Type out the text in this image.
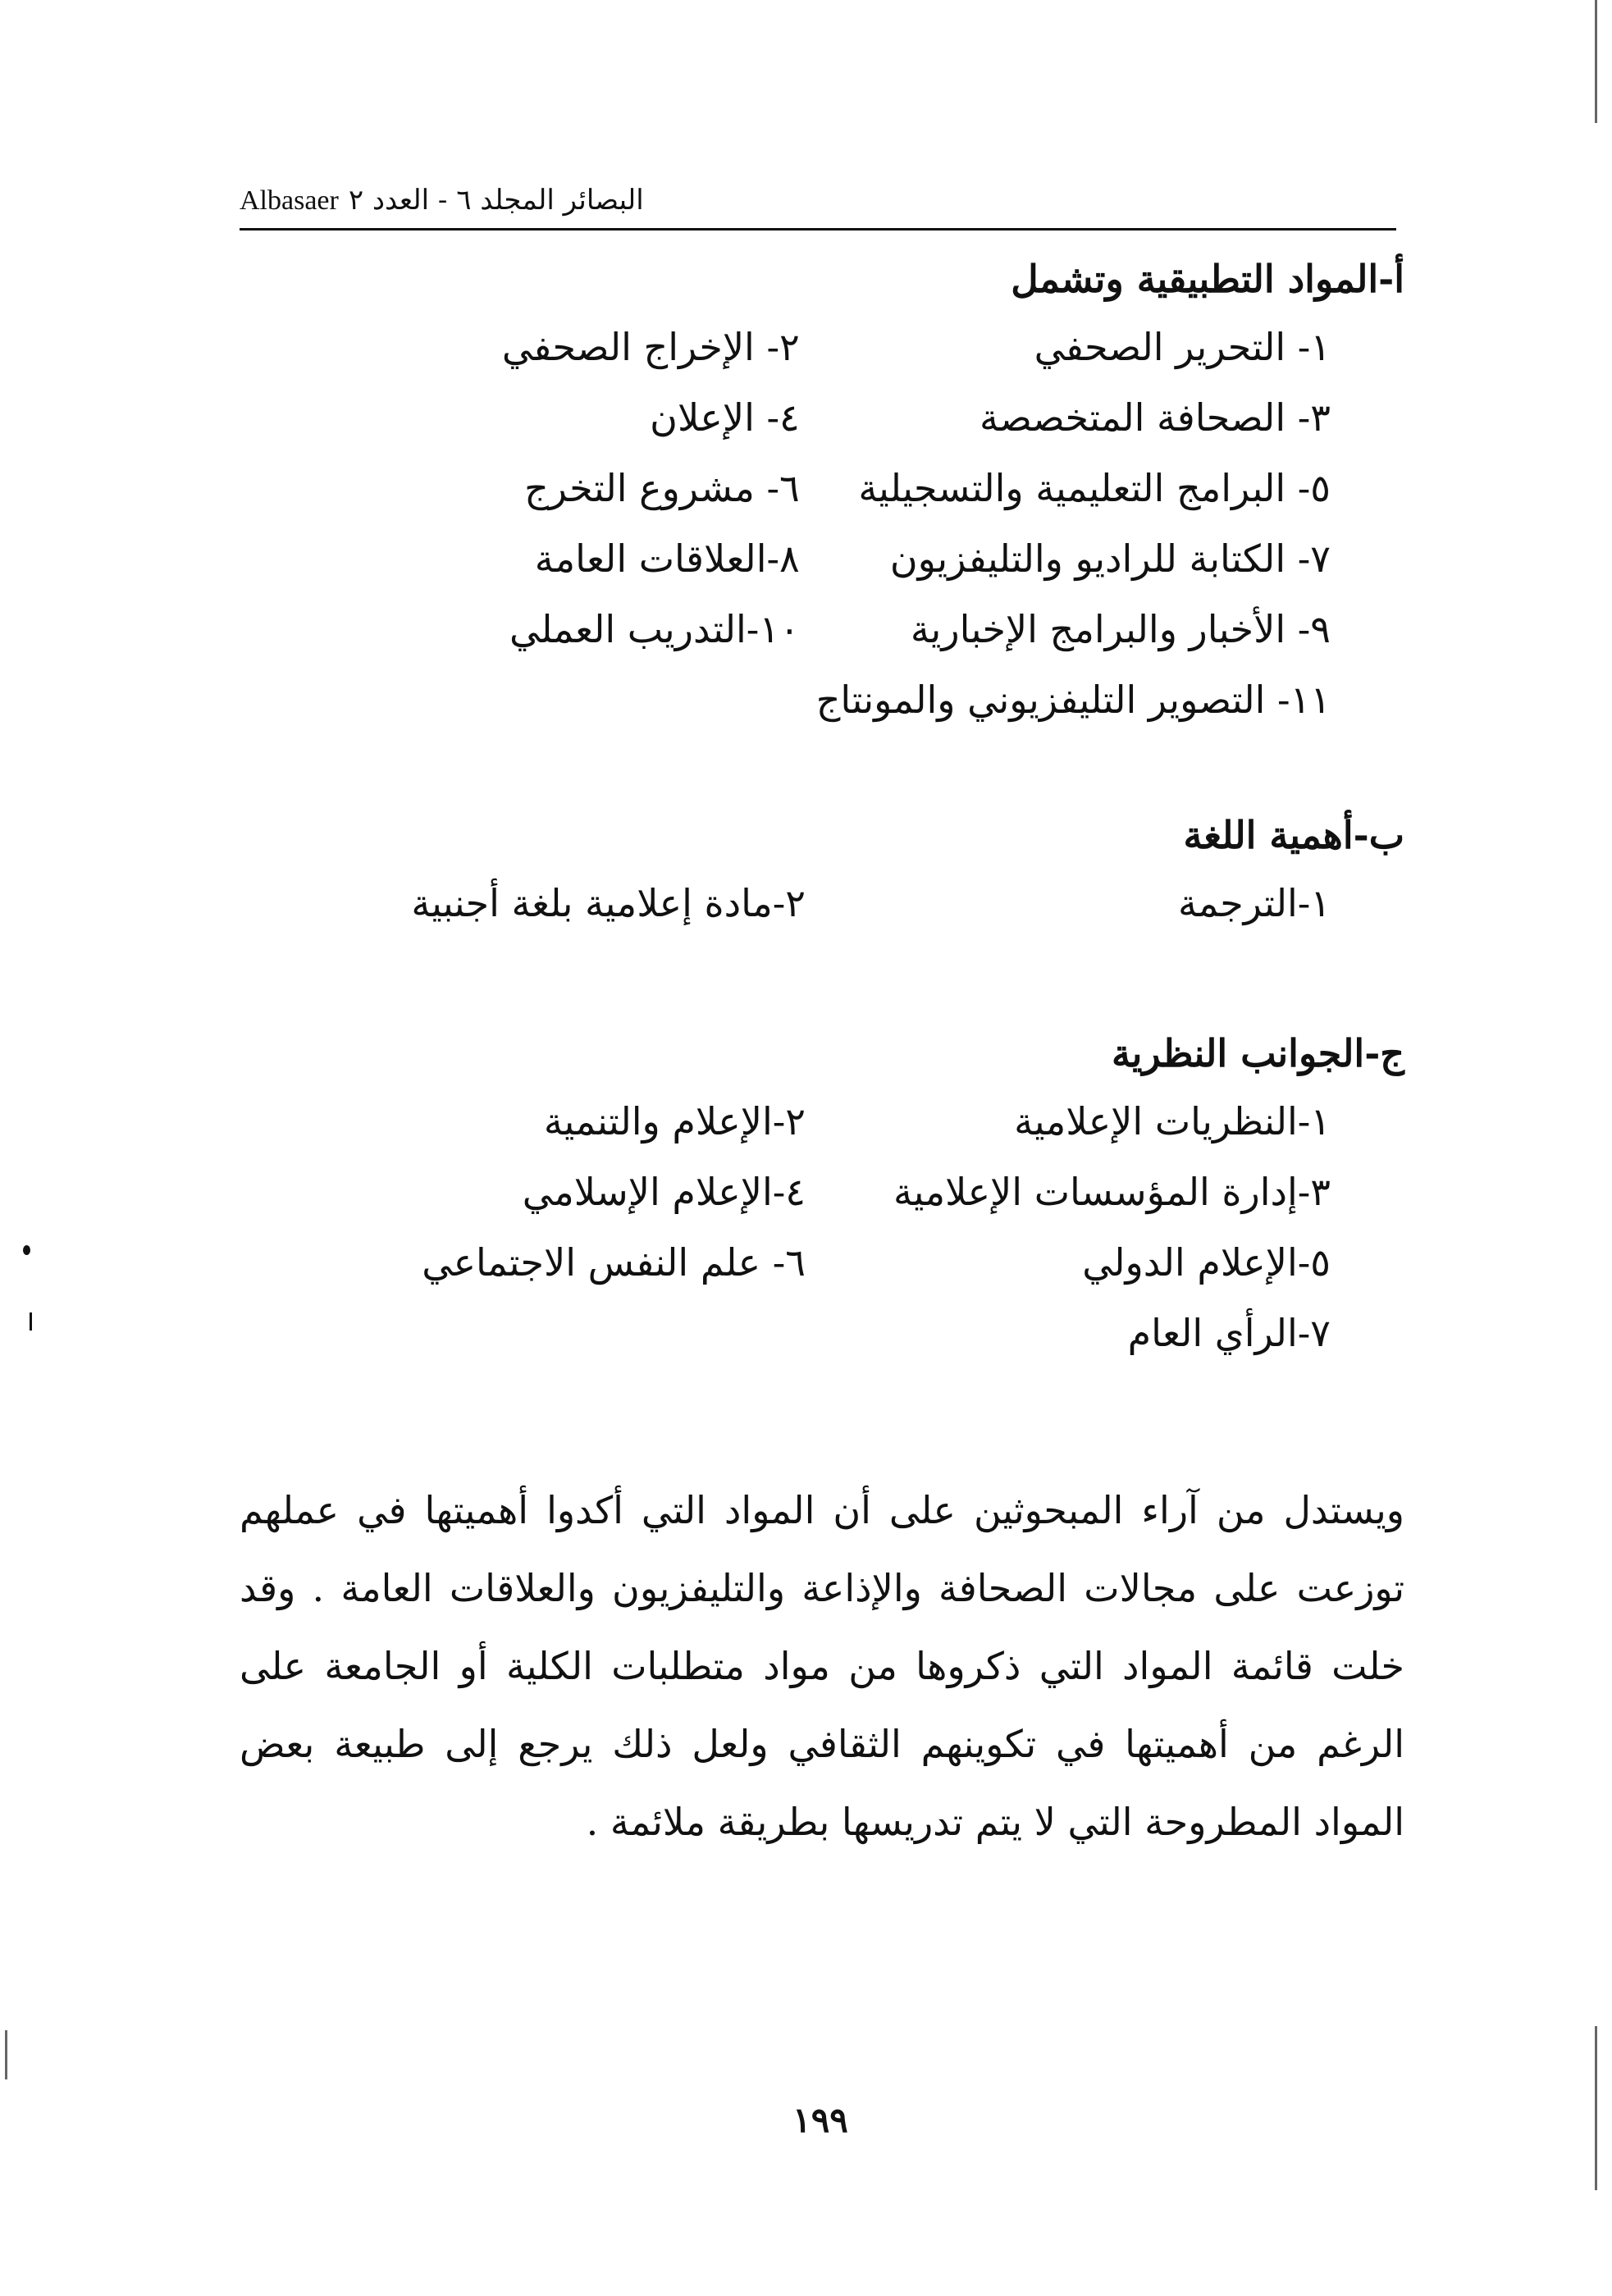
Albasaer البصائر المجلد ٦ - العدد ٢
أ-المواد التطبيقية وتشمل
١- التحرير الصحفي
٢- الإخراج الصحفي
٣- الصحافة المتخصصة
٤- الإعلان
٥- البرامج التعليمية والتسجيلية
٦- مشروع التخرج
٧- الكتابة للراديو والتليفزيون
٨-العلاقات العامة
٩- الأخبار والبرامج الإخبارية
١٠-التدريب العملي
١١- التصوير التليفزيوني والمونتاج
ب-أهمية اللغة
١-الترجمة
٢-مادة إعلامية بلغة أجنبية
ج-الجوانب النظرية
١-النظريات الإعلامية
٢-الإعلام والتنمية
٣-إدارة المؤسسات الإعلامية
٤-الإعلام الإسلامي
٥-الإعلام الدولي
٦- علم النفس الاجتماعي
٧-الرأي العام

ويستدل من آراء المبحوثين على أن المواد التي أكدوا أهميتها في عملهم توزعت على مجالات الصحافة والإذاعة والتليفزيون والعلاقات العامة . وقد خلت قائمة المواد التي ذكروها من مواد متطلبات الكلية أو الجامعة على الرغم من أهميتها في تكوينهم الثقافي ولعل ذلك يرجع إلى طبيعة بعض المواد المطروحة التي لا يتم تدريسها بطريقة ملائمة .

١٩٩
